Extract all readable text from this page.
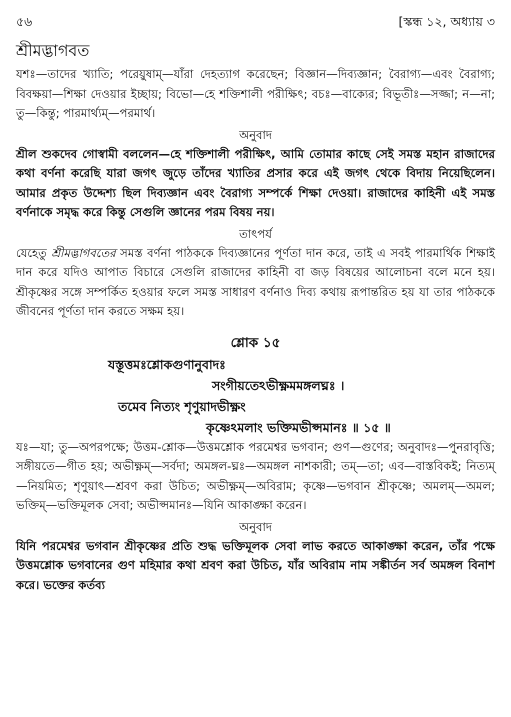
৫৬	[স্কন্ধ ১২, অধ্যায় ৩
শ্রীমদ্ভাগবত

যশঃ—তাদের খ্যাতি; পরেয়ুষাম্—যাঁরা দেহত্যাগ করেছেন; বিজ্ঞান—দিব্যজ্ঞান; বৈরাগ্য—এবং বৈরাগ্য; বিবক্ষয়া—শিক্ষা দেওয়ার ইচ্ছায়; বিভো—হে শক্তিশালী পরীক্ষিৎ; বচঃ—বাক্যের; বিভূতীঃ—সজ্জা; ন—না; তু—কিন্তু; পারমার্থ্যম্—পরমার্থ।

অনুবাদ

শ্রীল শুকদেব গোস্বামী বললেন—হে শক্তিশালী পরীক্ষিৎ, আমি তোমার কাছে সেই সমস্ত মহান রাজাদের কথা বর্ণনা করেছি যারা জগৎ জুড়ে তাঁদের খ্যাতির প্রসার করে এই জগৎ থেকে বিদায় নিয়েছিলেন। আমার প্রকৃত উদ্দেশ্য ছিল দিব্যজ্ঞান এবং বৈরাগ্য সম্পর্কে শিক্ষা দেওয়া। রাজাদের কাহিনী এই সমস্ত বর্ণনাকে সমৃদ্ধ করে কিন্তু সেগুলি জ্ঞানের পরম বিষয় নয়।

তাৎপর্য

যেহেতু শ্রীমদ্ভাগবতের সমস্ত বর্ণনা পাঠককে দিব্যজ্ঞানের পূর্ণতা দান করে, তাই এ সবই পারমার্থিক শিক্ষাই দান করে যদিও আপাত বিচারে সেগুলি রাজাদের কাহিনী বা জড় বিষয়ের আলোচনা বলে মনে হয়। শ্রীকৃষ্ণের সঙ্গে সম্পর্কিত হওয়ার ফলে সমস্ত সাধারণ বর্ণনাও দিব্য কথায় রূপান্তরিত হয় যা তার পাঠককে জীবনের পূর্ণতা দান করতে সক্ষম হয়।

শ্লোক ১৫
যস্তূত্তমঃশ্লোকগুণানুবাদঃ
সংগীয়তেঽভীক্ষ্ণমমঙ্গলঘ্নঃ ।
তমেব নিত্যং শৃণুয়াদভীক্ষ্ণং
কৃষ্ণেঽমলাং ভক্তিমভীপ্সমানঃ ॥ ১৫ ॥

যঃ—যা; তু—অপরপক্ষে; উত্তম-শ্লোক—উত্তমশ্লোক পরমেশ্বর ভগবান; গুণ—গুণের; অনুবাদঃ—পুনরাবৃত্তি; সঙ্গীয়তে—গীত হয়; অভীক্ষ্ণম্—সর্বদা; অমঙ্গল-ঘ্নঃ—অমঙ্গল নাশকারী; তম্—তা; এব—বাস্তবিকই; নিত্যম্—নিয়মিত; শৃণুয়াৎ—শ্রবণ করা উচিত; অভীক্ষ্ণম্—অবিরাম; কৃষ্ণে—ভগবান শ্রীকৃষ্ণে; অমলম্—অমল; ভক্তিম্—ভক্তিমূলক সেবা; অভীপ্সমানঃ—যিনি আকাঙ্ক্ষা করেন।

অনুবাদ

যিনি পরমেশ্বর ভগবান শ্রীকৃষ্ণের প্রতি শুদ্ধ ভক্তিমূলক সেবা লাভ করতে আকাঙ্ক্ষা করেন, তাঁর পক্ষে উত্তমশ্লোক ভগবানের গুণ মহিমার কথা শ্রবণ করা উচিত, যাঁর অবিরাম নাম সঙ্কীর্তন সর্ব অমঙ্গল বিনাশ করে। ভক্তের কর্তব্য
